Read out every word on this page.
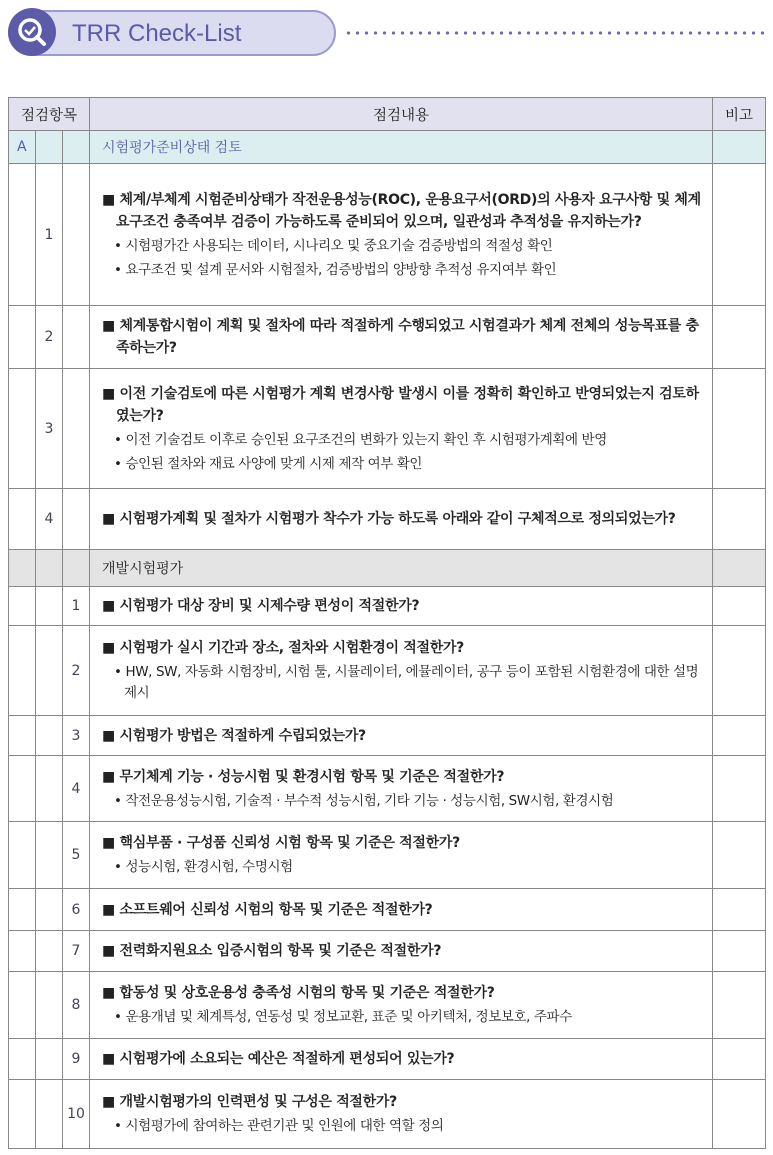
TRR Check-List
점검항목			점검내용	비고
A			시험평가준비상태 검토	
	1		■ 체계/부체계 시험준비상태가 작전운용성능(ROC), 운용요구서(ORD)의 사용자 요구사항 및 체계요구조건 충족여부 검증이 가능하도록 준비되어 있으며, 일관성과 추적성을 유지하는가?
• 시험평가간 사용되는 데이터, 시나리오 및 중요기술 검증방법의 적절성 확인
• 요구조건 및 설계 문서와 시험절차, 검증방법의 양방향 추적성 유지여부 확인	

	2		■ 체계통합시험이 계획 및 절차에 따라 적절하게 수행되었고 시험결과가 체계 전체의 성능목표를 충족하는가?	

	3		■ 이전 기술검토에 따른 시험평가 계획 변경사항 발생시 이를 정확히 확인하고 반영되었는지 검토하였는가?
• 이전 기술검토 이후로 승인된 요구조건의 변화가 있는지 확인 후 시험평가계획에 반영
• 승인된 절차와 재료 사양에 맞게 시제 제작 여부 확인	

	4		■ 시험평가계획 및 절차가 시험평가 착수가 가능 하도록 아래와 같이 구체적으로 정의되었는가?	

			개발시험평가	
		1	■ 시험평가 대상 장비 및 시제수량 편성이 적절한가?	

		2	■ 시험평가 실시 기간과 장소, 절차와 시험환경이 적절한가?
• HW, SW, 자동화 시험장비, 시험 툴, 시뮬레이터, 에뮬레이터, 공구 등이 포함된 시험환경에 대한 설명 제시	

		3	■ 시험평가 방법은 적절하게 수립되었는가?	

		4	■ 무기체계 기능 · 성능시험 및 환경시험 항목 및 기준은 적절한가?
• 작전운용성능시험, 기술적 · 부수적 성능시험, 기타 기능 · 성능시험, SW시험, 환경시험	

		5	■ 핵심부품 · 구성품 신뢰성 시험 항목 및 기준은 적절한가?
• 성능시험, 환경시험, 수명시험	

		6	■ 소프트웨어 신뢰성 시험의 항목 및 기준은 적절한가?	

		7	■ 전력화지원요소 입증시험의 항목 및 기준은 적절한가?	

		8	■ 합동성 및 상호운용성 충족성 시험의 항목 및 기준은 적절한가?
• 운용개념 및 체계특성, 연동성 및 정보교환, 표준 및 아키텍처, 정보보호, 주파수	

		9	■ 시험평가에 소요되는 예산은 적절하게 편성되어 있는가?	

		10	■ 개발시험평가의 인력편성 및 구성은 적절한가?
• 시험평가에 참여하는 관련기관 및 인원에 대한 역할 정의	
